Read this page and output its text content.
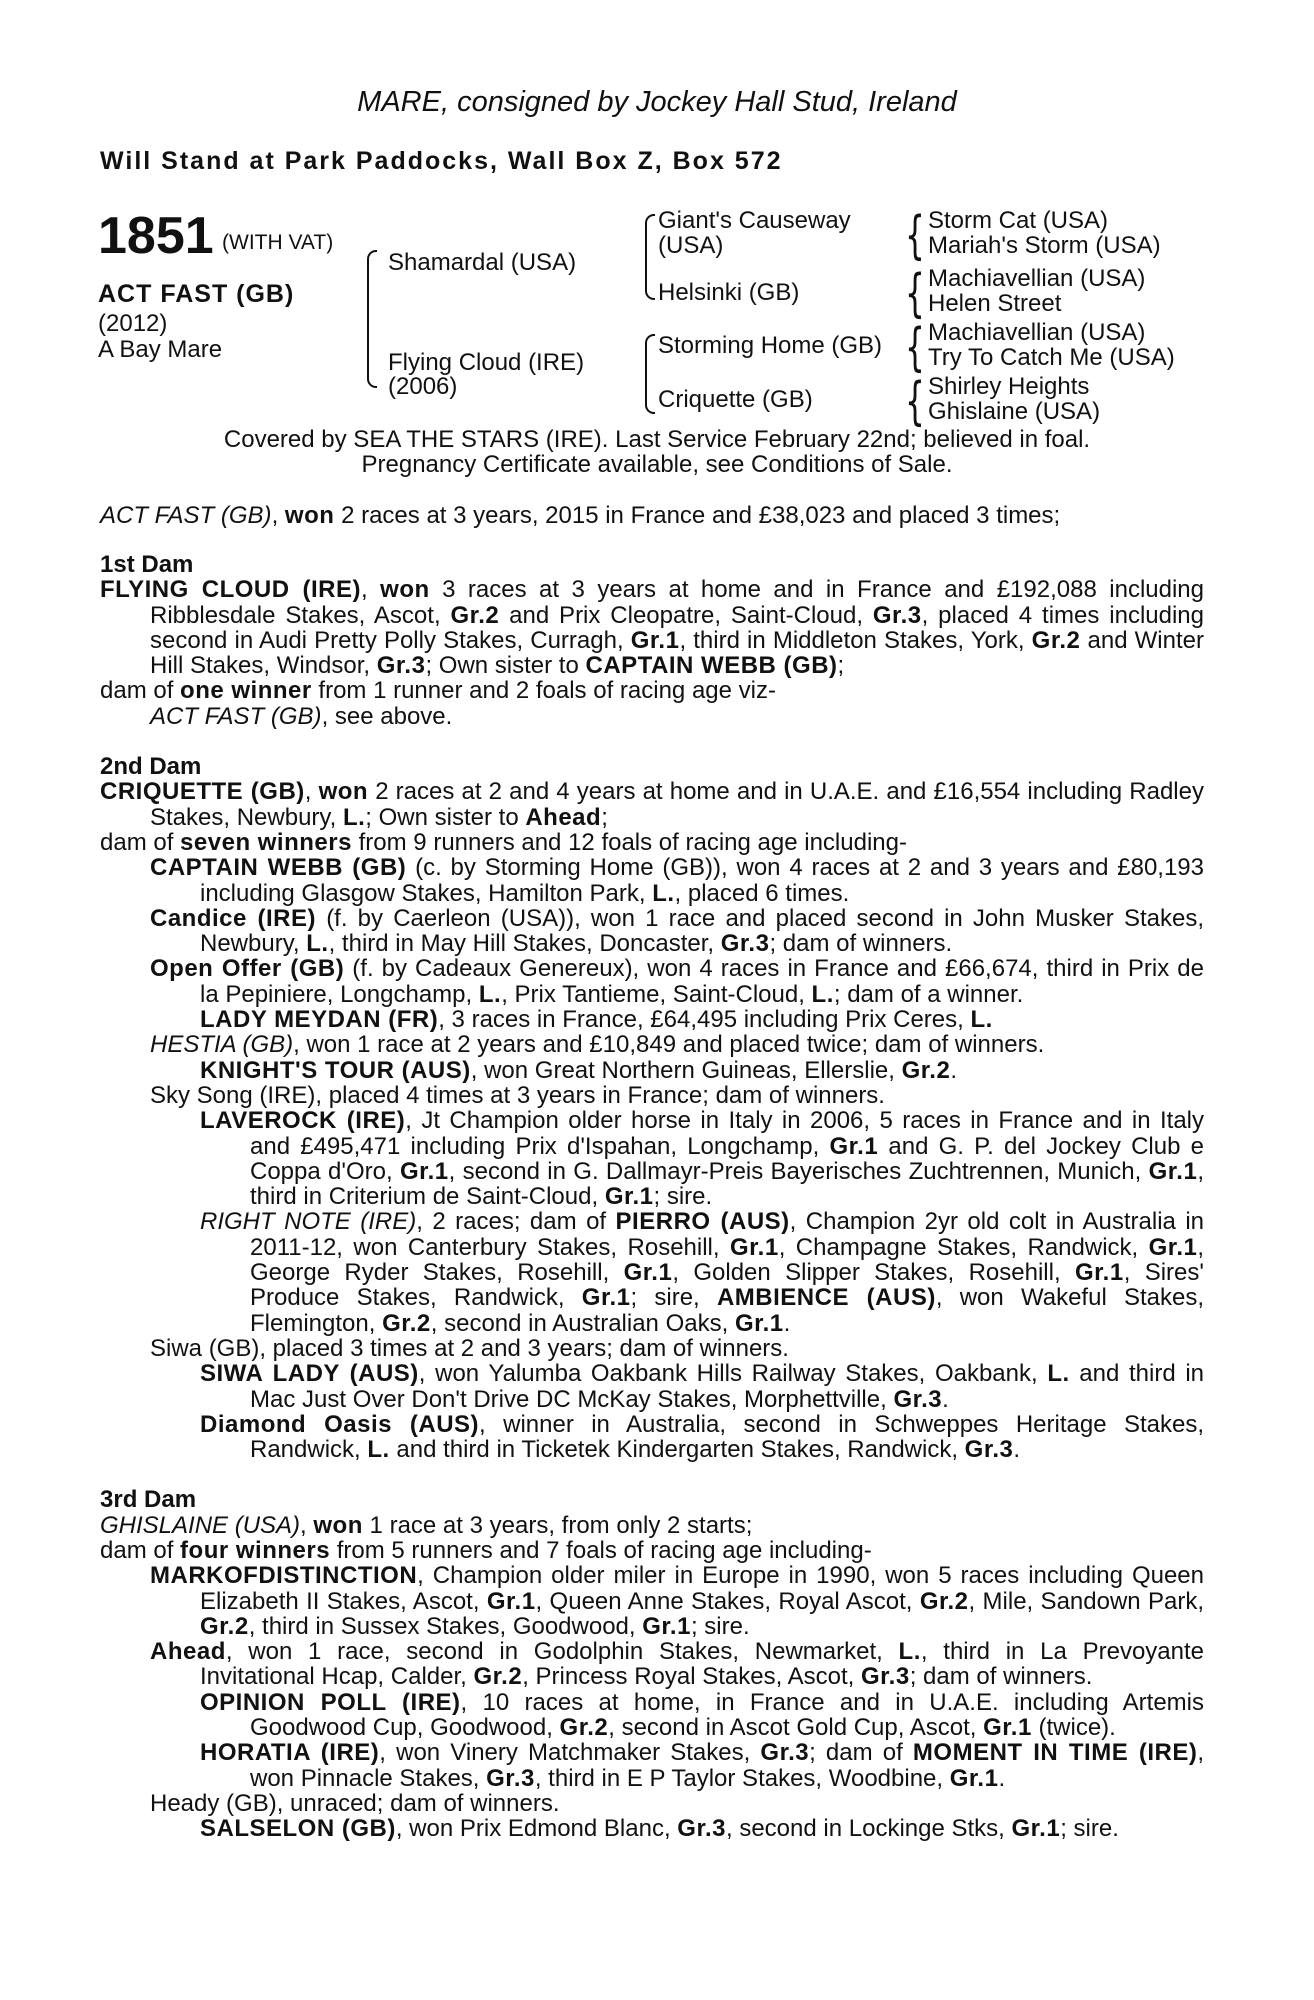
MARE, consigned by Jockey Hall Stud, Ireland
Will Stand at Park Paddocks, Wall Box Z, Box 572
1851 (WITH VAT)
ACT FAST (GB)
(2012)
A Bay Mare
Shamardal (USA)
Flying Cloud (IRE)
(2006)
Giant's Causeway
(USA)
Helsinki (GB)
Storming Home (GB)
Criquette (GB)
{ Storm Cat (USA)
Mariah's Storm (USA)
{ Machiavellian (USA)
Helen Street
{ Machiavellian (USA)
Try To Catch Me (USA)
{ Shirley Heights
Ghislaine (USA)
Covered by SEA THE STARS (IRE). Last Service February 22nd; believed in foal.
Pregnancy Certificate available, see Conditions of Sale.
ACT FAST (GB), won 2 races at 3 years, 2015 in France and £38,023 and placed 3 times;
1st Dam
FLYING CLOUD (IRE), won 3 races at 3 years at home and in France and £192,088 including Ribblesdale Stakes, Ascot, Gr.2 and Prix Cleopatre, Saint-Cloud, Gr.3, placed 4 times including second in Audi Pretty Polly Stakes, Curragh, Gr.1, third in Middleton Stakes, York, Gr.2 and Winter Hill Stakes, Windsor, Gr.3; Own sister to CAPTAIN WEBB (GB);
dam of one winner from 1 runner and 2 foals of racing age viz-
ACT FAST (GB), see above.
2nd Dam
CRIQUETTE (GB), won 2 races at 2 and 4 years at home and in U.A.E. and £16,554 including Radley Stakes, Newbury, L.; Own sister to Ahead;
dam of seven winners from 9 runners and 12 foals of racing age including-
CAPTAIN WEBB (GB) (c. by Storming Home (GB)), won 4 races at 2 and 3 years and £80,193 including Glasgow Stakes, Hamilton Park, L., placed 6 times.
Candice (IRE) (f. by Caerleon (USA)), won 1 race and placed second in John Musker Stakes, Newbury, L., third in May Hill Stakes, Doncaster, Gr.3; dam of winners.
Open Offer (GB) (f. by Cadeaux Genereux), won 4 races in France and £66,674, third in Prix de la Pepiniere, Longchamp, L., Prix Tantieme, Saint-Cloud, L.; dam of a winner.
LADY MEYDAN (FR), 3 races in France, £64,495 including Prix Ceres, L.
HESTIA (GB), won 1 race at 2 years and £10,849 and placed twice; dam of winners.
KNIGHT'S TOUR (AUS), won Great Northern Guineas, Ellerslie, Gr.2.
Sky Song (IRE), placed 4 times at 3 years in France; dam of winners.
LAVEROCK (IRE), Jt Champion older horse in Italy in 2006, 5 races in France and in Italy and £495,471 including Prix d'Ispahan, Longchamp, Gr.1 and G. P. del Jockey Club e Coppa d'Oro, Gr.1, second in G. Dallmayr-Preis Bayerisches Zuchtrennen, Munich, Gr.1, third in Criterium de Saint-Cloud, Gr.1; sire.
RIGHT NOTE (IRE), 2 races; dam of PIERRO (AUS), Champion 2yr old colt in Australia in 2011-12, won Canterbury Stakes, Rosehill, Gr.1, Champagne Stakes, Randwick, Gr.1, George Ryder Stakes, Rosehill, Gr.1, Golden Slipper Stakes, Rosehill, Gr.1, Sires' Produce Stakes, Randwick, Gr.1; sire, AMBIENCE (AUS), won Wakeful Stakes, Flemington, Gr.2, second in Australian Oaks, Gr.1.
Siwa (GB), placed 3 times at 2 and 3 years; dam of winners.
SIWA LADY (AUS), won Yalumba Oakbank Hills Railway Stakes, Oakbank, L. and third in Mac Just Over Don't Drive DC McKay Stakes, Morphettville, Gr.3.
Diamond Oasis (AUS), winner in Australia, second in Schweppes Heritage Stakes, Randwick, L. and third in Ticketek Kindergarten Stakes, Randwick, Gr.3.
3rd Dam
GHISLAINE (USA), won 1 race at 3 years, from only 2 starts;
dam of four winners from 5 runners and 7 foals of racing age including-
MARKOFDISTINCTION, Champion older miler in Europe in 1990, won 5 races including Queen Elizabeth II Stakes, Ascot, Gr.1, Queen Anne Stakes, Royal Ascot, Gr.2, Mile, Sandown Park, Gr.2, third in Sussex Stakes, Goodwood, Gr.1; sire.
Ahead, won 1 race, second in Godolphin Stakes, Newmarket, L., third in La Prevoyante Invitational Hcap, Calder, Gr.2, Princess Royal Stakes, Ascot, Gr.3; dam of winners.
OPINION POLL (IRE), 10 races at home, in France and in U.A.E. including Artemis Goodwood Cup, Goodwood, Gr.2, second in Ascot Gold Cup, Ascot, Gr.1 (twice).
HORATIA (IRE), won Vinery Matchmaker Stakes, Gr.3; dam of MOMENT IN TIME (IRE), won Pinnacle Stakes, Gr.3, third in E P Taylor Stakes, Woodbine, Gr.1.
Heady (GB), unraced; dam of winners.
SALSELON (GB), won Prix Edmond Blanc, Gr.3, second in Lockinge Stks, Gr.1; sire.
